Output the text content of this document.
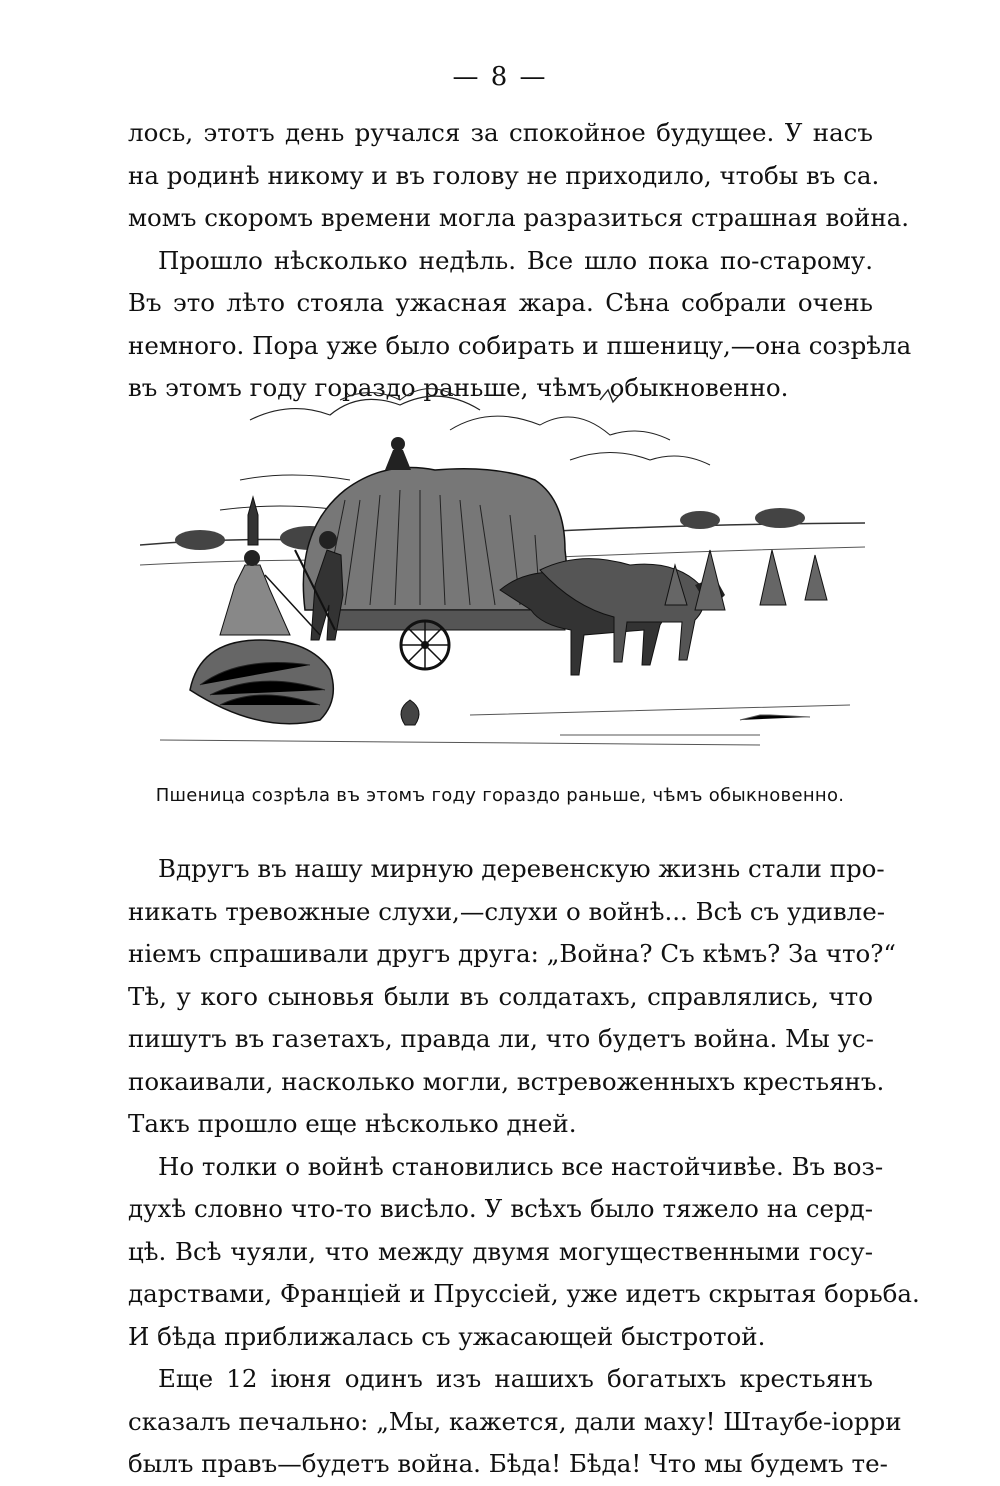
— 8 —
лось, этотъ день ручался за спокойное будущее. У насъ
на родинѣ никому и въ голову не приходило, чтобы въ са.
момъ скоромъ времени могла разразиться страшная война.
Прошло нѣсколько недѣль. Все шло пока по-старому.
Въ это лѣто стояла ужасная жара. Сѣна собрали очень
немного. Пора уже было собирать и пшеницу,—она созрѣла
въ этомъ году гораздо раньше, чѣмъ обыкновенно.
Пшеница созрѣла въ этомъ году гораздо раньше, чѣмъ обыкновенно.
Вдругъ въ нашу мирную деревенскую жизнь стали про-
никать тревожные слухи,—слухи о войнѣ... Всѣ съ удивле-
ніемъ спрашивали другъ друга: „Война? Съ кѣмъ? За что?“
Тѣ, у кого сыновья были въ солдатахъ, справлялись, что
пишутъ въ газетахъ, правда ли, что будетъ война. Мы ус-
покаивали, насколько могли, встревоженныхъ крестьянъ.
Такъ прошло еще нѣсколько дней.
Но толки о войнѣ становились все настойчивѣе. Въ воз-
духѣ словно что-то висѣло. У всѣхъ было тяжело на серд-
цѣ. Всѣ чуяли, что между двумя могущественными госу-
дарствами, Франціей и Пруссіей, уже идетъ скрытая борьба.
И бѣда приближалась съ ужасающей быстротой.
Еще 12 іюня одинъ изъ нашихъ богатыхъ крестьянъ
сказалъ печально: „Мы, кажется, дали маху! Штаубе-іорри
былъ правъ—будетъ война. Бѣда! Бѣда! Что мы будемъ те-
